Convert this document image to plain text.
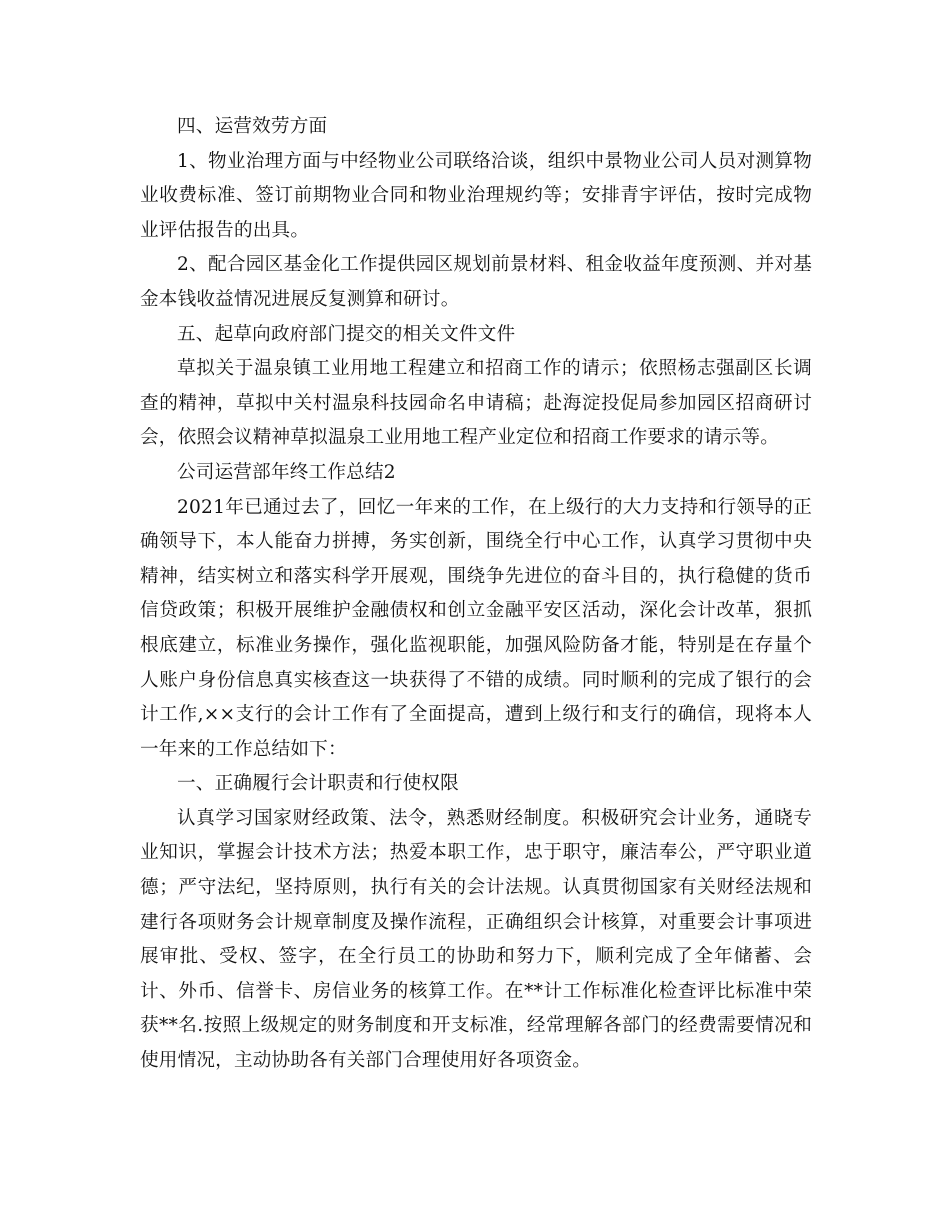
四、运营效劳方面

1、物业治理方面与中经物业公司联络洽谈，组织中景物业公司人员对测算物业收费标准、签订前期物业合同和物业治理规约等；安排青宇评估，按时完成物业评估报告的出具。

2、配合园区基金化工作提供园区规划前景材料、租金收益年度预测、并对基金本钱收益情况进展反复测算和研讨。

五、起草向政府部门提交的相关文件文件

草拟关于温泉镇工业用地工程建立和招商工作的请示；依照杨志强副区长调查的精神，草拟中关村温泉科技园命名申请稿；赴海淀投促局参加园区招商研讨会，依照会议精神草拟温泉工业用地工程产业定位和招商工作要求的请示等。

公司运营部年终工作总结2

2021年已通过去了，回忆一年来的工作，在上级行的大力支持和行领导的正确领导下，本人能奋力拼搏，务实创新，围绕全行中心工作，认真学习贯彻中央精神，结实树立和落实科学开展观，围绕争先进位的奋斗目的，执行稳健的货币信贷政策；积极开展维护金融债权和创立金融平安区活动，深化会计改革，狠抓根底建立，标准业务操作，强化监视职能，加强风险防备才能，特别是在存量个人账户身份信息真实核查这一块获得了不错的成绩。同时顺利的完成了银行的会计工作,××支行的会计工作有了全面提高，遭到上级行和支行的确信，现将本人一年来的工作总结如下：

一、正确履行会计职责和行使权限

认真学习国家财经政策、法令，熟悉财经制度。积极研究会计业务，通晓专业知识，掌握会计技术方法；热爱本职工作，忠于职守，廉洁奉公，严守职业道德；严守法纪，坚持原则，执行有关的会计法规。认真贯彻国家有关财经法规和建行各项财务会计规章制度及操作流程，正确组织会计核算，对重要会计事项进展审批、受权、签字，在全行员工的协助和努力下，顺利完成了全年储蓄、会计、外币、信誉卡、房信业务的核算工作。在**计工作标准化检查评比标准中荣获**名.按照上级规定的财务制度和开支标准，经常理解各部门的经费需要情况和使用情况，主动协助各有关部门合理使用好各项资金。
